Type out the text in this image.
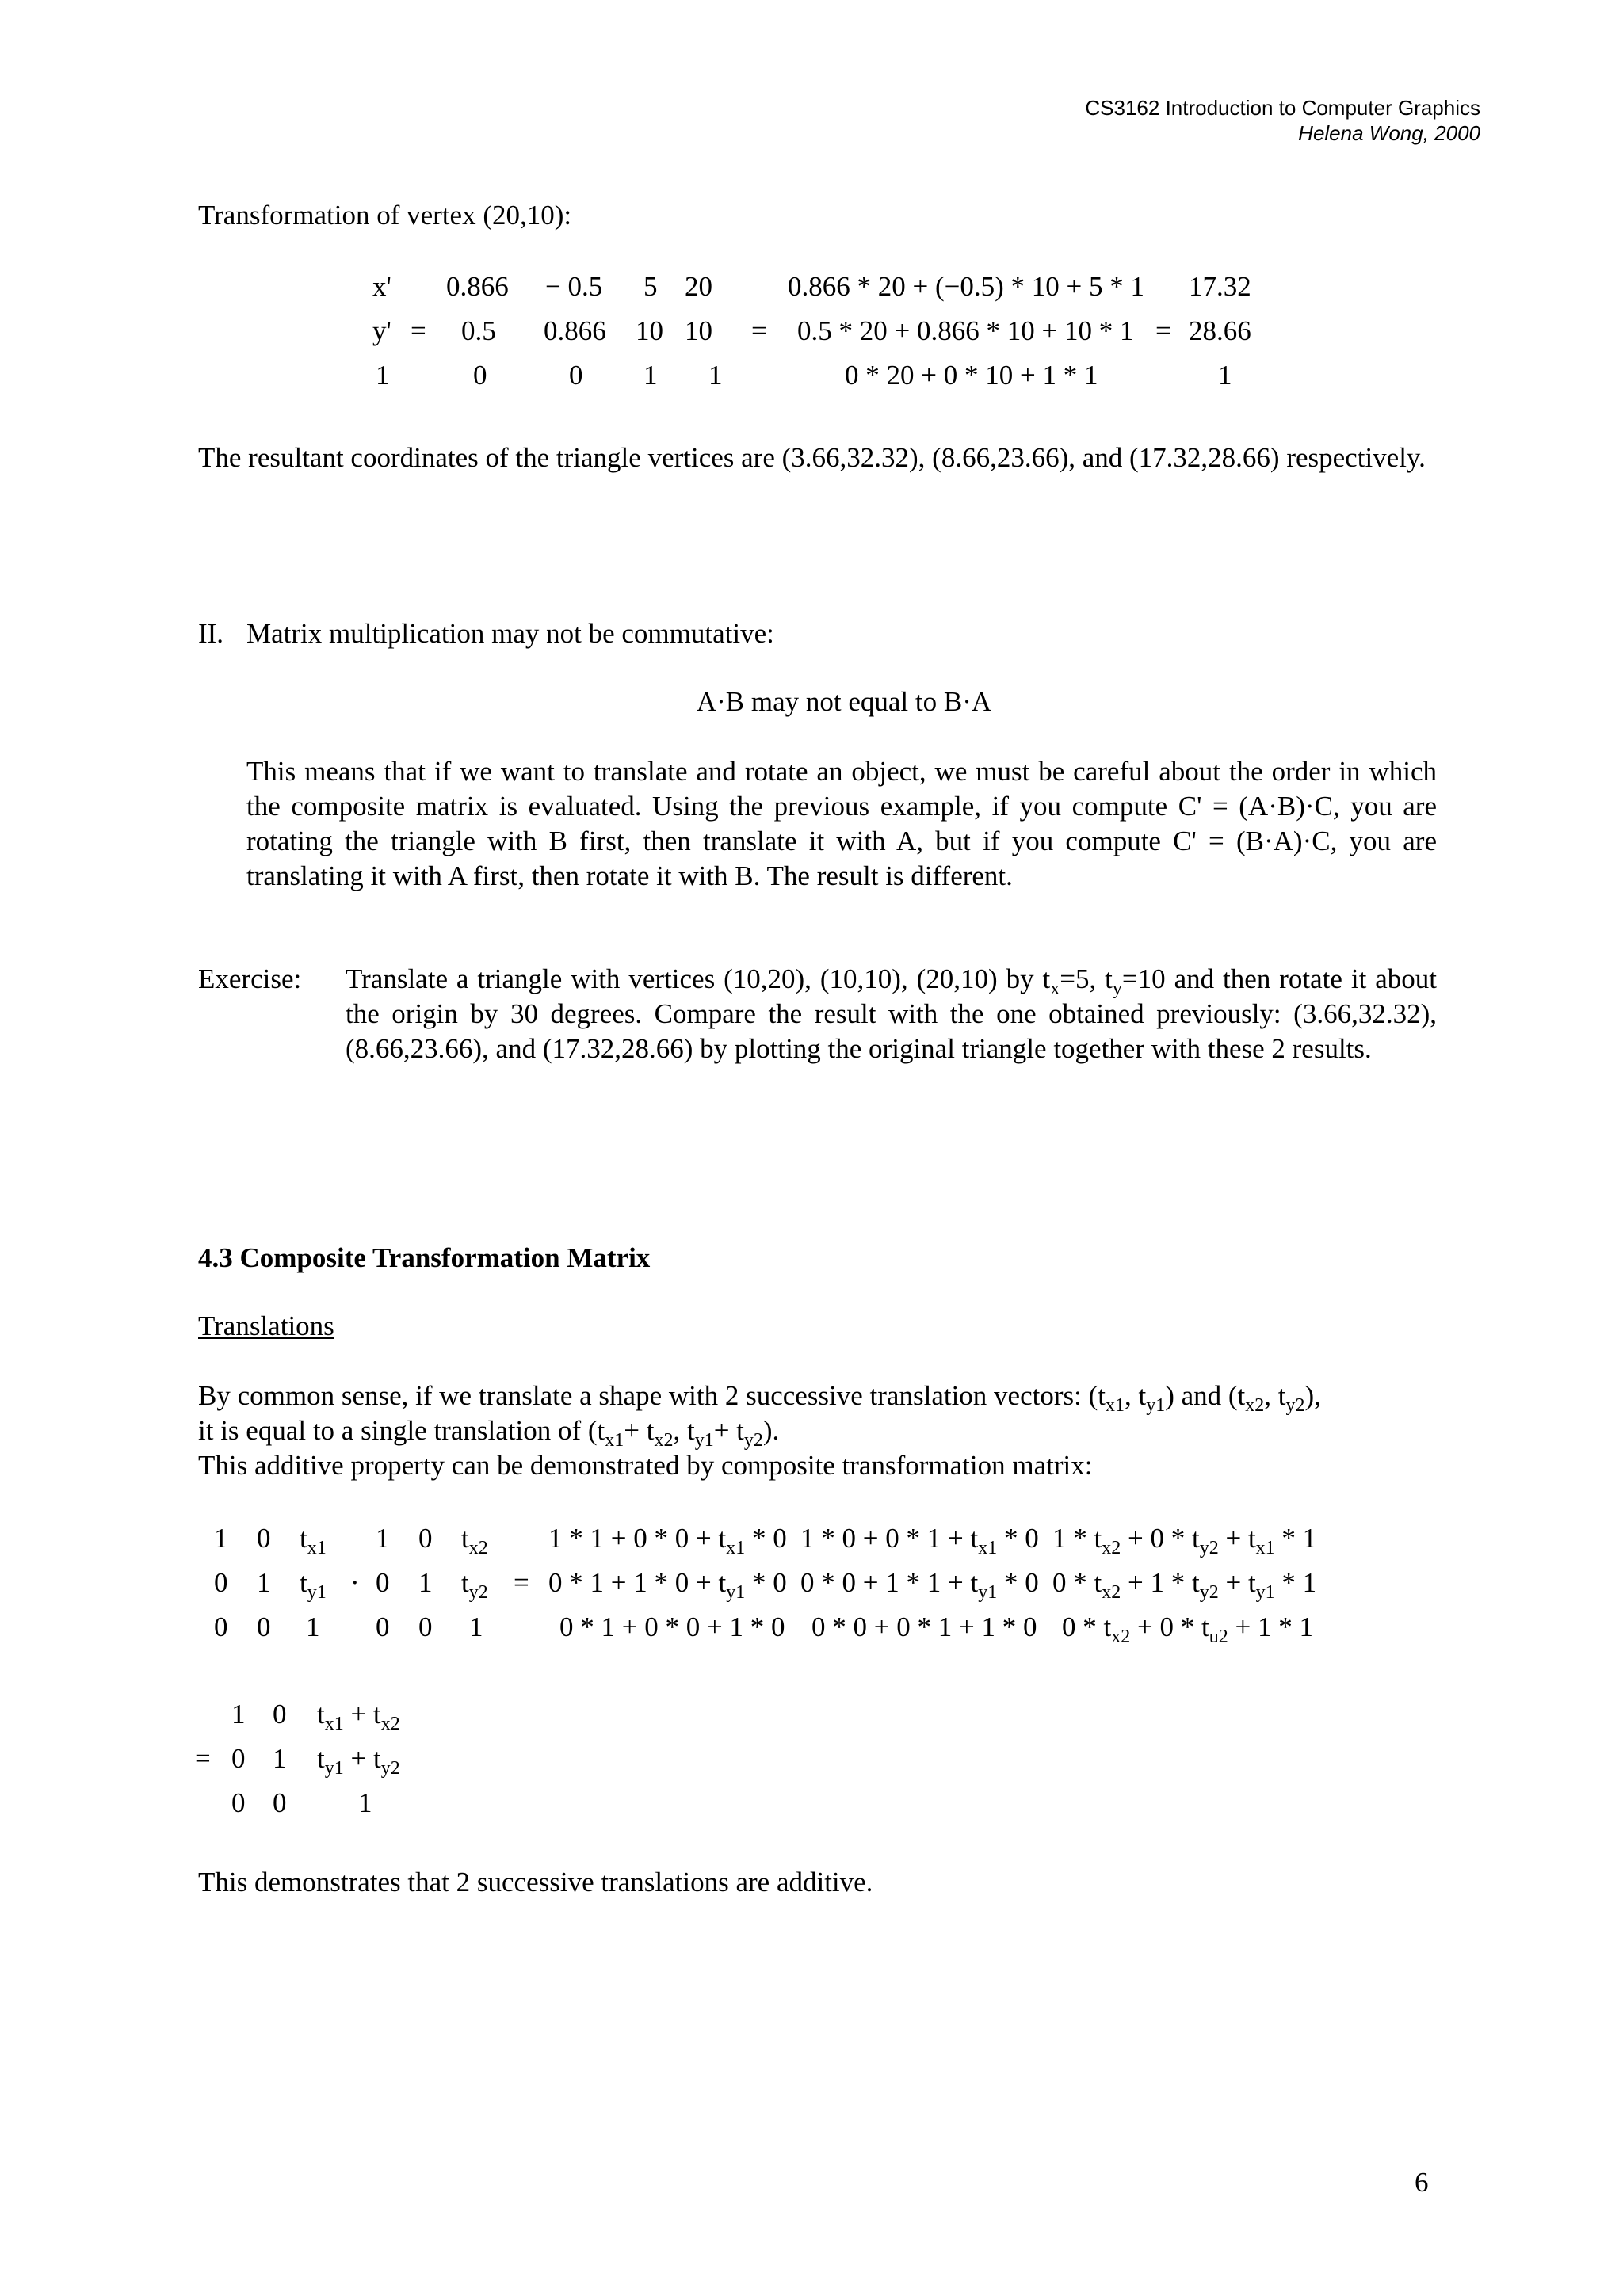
CS3162 Introduction to Computer Graphics
Helena Wong, 2000
Transformation of vertex (20,10):
x'
y'
1
=
0.866
0.5
0
− 0.5
0.866
0
5
10
1
20
10
1
=
0.866 * 20 + (−0.5) * 10 + 5 * 1
0.5 * 20 + 0.866 * 10 + 10 * 1
0 * 20 + 0 * 10 + 1 * 1
=
17.32
28.66
1
The resultant coordinates of the triangle vertices are (3.66,32.32), (8.66,23.66), and (17.32,28.66) respectively.
II. Matrix multiplication may not be commutative:
A·B may not equal to B·A
This means that if we want to translate and rotate an object, we must be careful about the order in which the composite matrix is evaluated. Using the previous example, if you compute C' = (A·B)·C, you are rotating the triangle with B first, then translate it with A, but if you compute C' = (B·A)·C, you are translating it with A first, then rotate it with B. The result is different.
Exercise: Translate a triangle with vertices (10,20), (10,10), (20,10) by $t_x=5$, $t_y=10$ and then rotate it about the origin by 30 degrees. Compare the result with the one obtained previously: (3.66,32.32), (8.66,23.66), and (17.32,28.66) by plotting the original triangle together with these 2 results.
4.3 Composite Transformation Matrix
Translations
By common sense, if we translate a shape with 2 successive translation vectors: ($t_{x1}$, $t_{y1}$) and ($t_{x2}$, $t_{y2}$),
it is equal to a single translation of ($t_{x1}+ t_{x2}$, $t_{y1}+ t_{y2}$).
This additive property can be demonstrated by composite transformation matrix:
1 0 $t_{x1}$
0 1 $t_{y1}$
0 0 1
·
1 0 $t_{x2}$
0 1 $t_{y2}$
0 0 1
=
$1 * 1 + 0 * 0 + t_{x1} * 0$
$0 * 1 + 1 * 0 + t_{y1} * 0$
0 * 1 + 0 * 0 + 1 * 0
$1 * 0 + 0 * 1 + t_{x1} * 0$
$0 * 0 + 1 * 1 + t_{y1} * 0$
0 * 0 + 0 * 1 + 1 * 0
$1 * t_{x2} + 0 * t_{y2} + t_{x1} * 1$
$0 * t_{x2} + 1 * t_{y2} + t_{y1} * 1$
$0 * t_{x2} + 0 * t_{u2} + 1 * 1$
=
1 0
0 1
0 0
$t_{x1} + t_{x2}$
$t_{y1} + t_{y2}$
1
This demonstrates that 2 successive translations are additive.
6
